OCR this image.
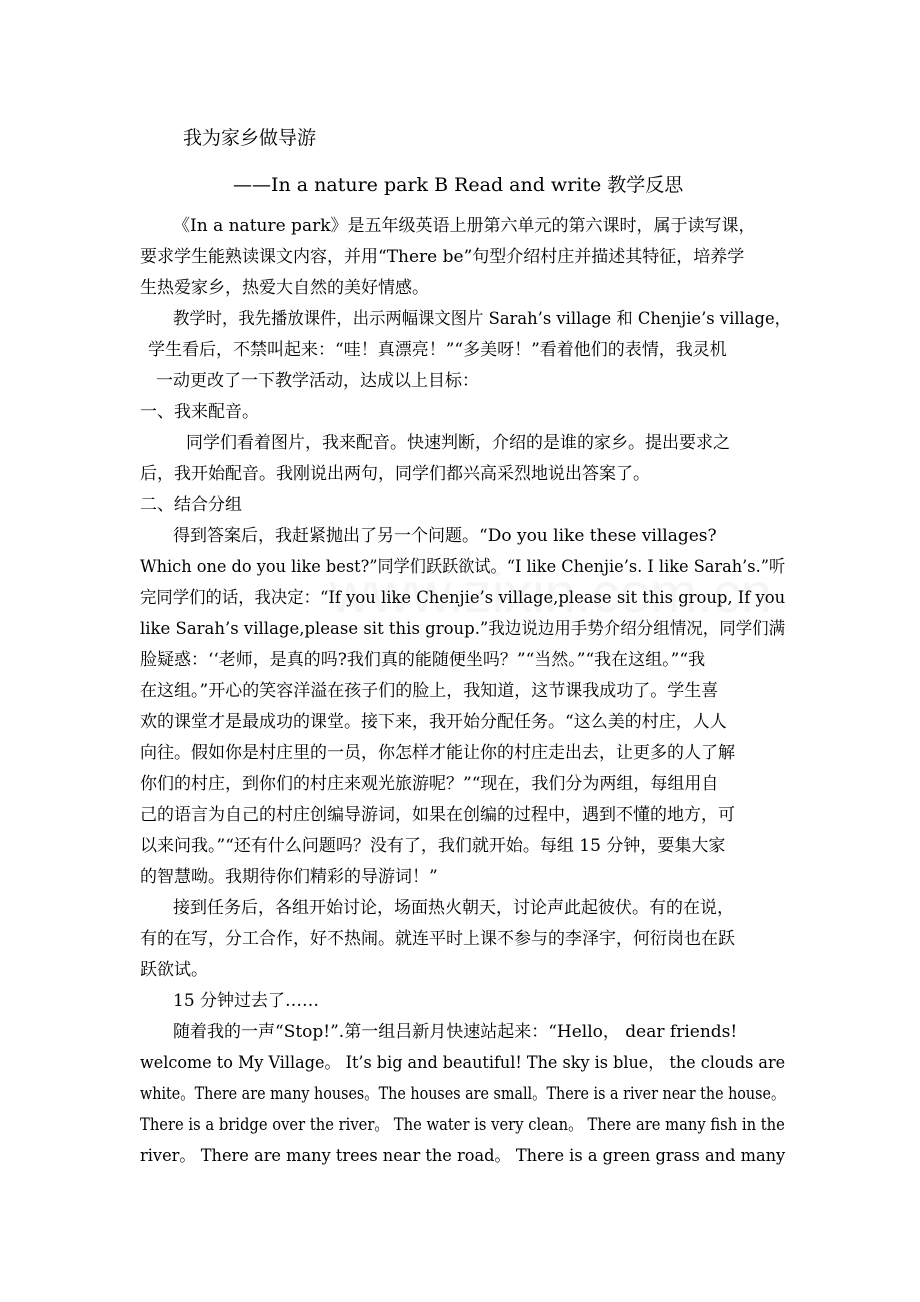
我为家乡做导游
——In a nature park B Read and write 教学反思
《In a nature park》是五年级英语上册第六单元的第六课时，属于读写课，
要求学生能熟读课文内容，并用“There be”句型介绍村庄并描述其特征，培养学
生热爱家乡，热爱大自然的美好情感。
教学时，我先播放课件，出示两幅课文图片 Sarah’s village 和 Chenjie’s village，
学生看后，不禁叫起来：“哇！真漂亮！”“多美呀！”看着他们的表情，我灵机
一动更改了一下教学活动，达成以上目标：
一、我来配音。
同学们看着图片，我来配音。快速判断，介绍的是谁的家乡。提出要求之
后，我开始配音。我刚说出两句，同学们都兴高采烈地说出答案了。
二、结合分组
得到答案后，我赶紧抛出了另一个问题。“Do you like these villages?
Which one do you like best?”同学们跃跃欲试。“I like Chenjie’s. I like Sarah’s.”听
完同学们的话，我决定：“If you like Chenjie’s village,please sit this group, If you
like Sarah’s village,please sit this group.”我边说边用手势介绍分组情况，同学们满
脸疑惑：‘‘老师，是真的吗?我们真的能随便坐吗？”“当然。”“我在这组。”“我
在这组。”开心的笑容洋溢在孩子们的脸上，我知道，这节课我成功了。学生喜
欢的课堂才是最成功的课堂。接下来，我开始分配任务。“这么美的村庄，人人
向往。假如你是村庄里的一员，你怎样才能让你的村庄走出去，让更多的人了解
你们的村庄，到你们的村庄来观光旅游呢？”“现在，我们分为两组，每组用自
己的语言为自己的村庄创编导游词，如果在创编的过程中，遇到不懂的地方，可
以来问我。”“还有什么问题吗？没有了，我们就开始。每组 15 分钟，要集大家
的智慧呦。我期待你们精彩的导游词！”
接到任务后，各组开始讨论，场面热火朝天，讨论声此起彼伏。有的在说，
有的在写，分工合作，好不热闹。就连平时上课不参与的李泽宇，何衍岗也在跃
跃欲试。
15 分钟过去了……
随着我的一声“Stop!”.第一组吕新月快速站起来：“Hello， dear friends!
welcome to My Village。 It’s big and beautiful! The sky is blue， the clouds are
white。There are many houses。The houses are small。There is a river near the house。
There is a bridge over the river。 The water is very clean。 There are many fish in the
river。 There are many trees near the road。 There is a green grass and many
